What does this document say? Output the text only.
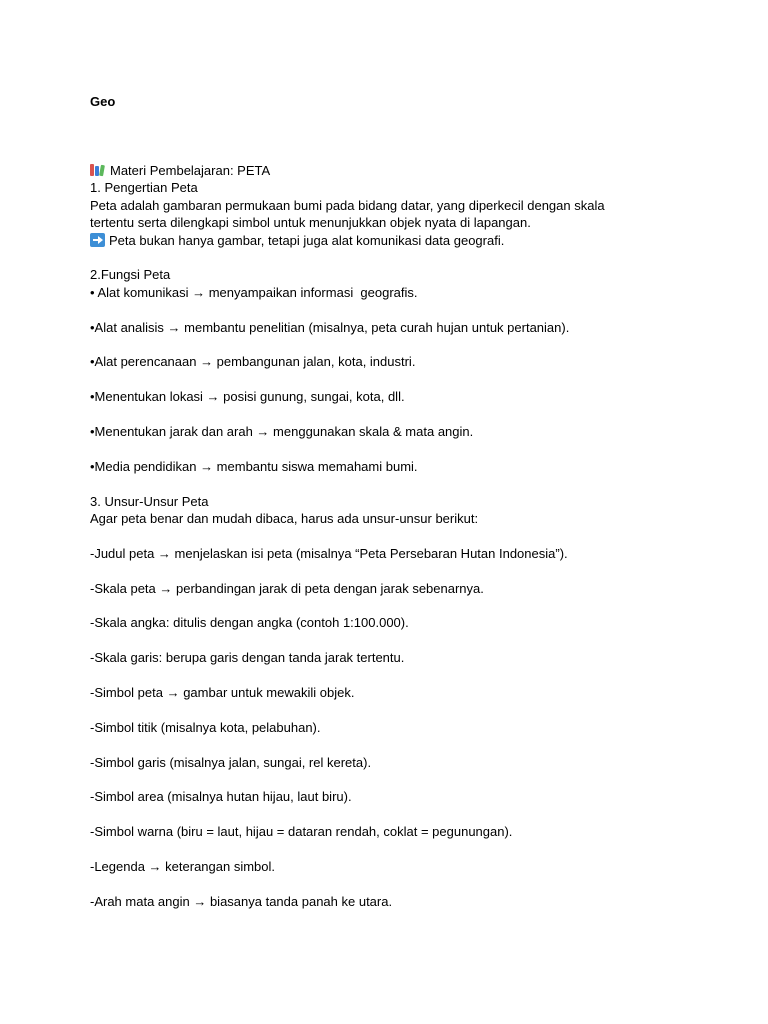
Geo
Materi Pembelajaran: PETA
1. Pengertian Peta
Peta adalah gambaran permukaan bumi pada bidang datar, yang diperkecil dengan skala tertentu serta dilengkapi simbol untuk menunjukkan objek nyata di lapangan.
Peta bukan hanya gambar, tetapi juga alat komunikasi data geografi.
2.Fungsi Peta
• Alat komunikasi → menyampaikan informasi  geografis.
•Alat analisis → membantu penelitian (misalnya, peta curah hujan untuk pertanian).
•Alat perencanaan → pembangunan jalan, kota, industri.
•Menentukan lokasi → posisi gunung, sungai, kota, dll.
•Menentukan jarak dan arah → menggunakan skala & mata angin.
•Media pendidikan → membantu siswa memahami bumi.
3. Unsur-Unsur Peta
Agar peta benar dan mudah dibaca, harus ada unsur-unsur berikut:
-Judul peta → menjelaskan isi peta (misalnya “Peta Persebaran Hutan Indonesia”).
-Skala peta → perbandingan jarak di peta dengan jarak sebenarnya.
-Skala angka: ditulis dengan angka (contoh 1:100.000).
-Skala garis: berupa garis dengan tanda jarak tertentu.
-Simbol peta → gambar untuk mewakili objek.
-Simbol titik (misalnya kota, pelabuhan).
-Simbol garis (misalnya jalan, sungai, rel kereta).
-Simbol area (misalnya hutan hijau, laut biru).
-Simbol warna (biru = laut, hijau = dataran rendah, coklat = pegunungan).
-Legenda → keterangan simbol.
-Arah mata angin → biasanya tanda panah ke utara.
